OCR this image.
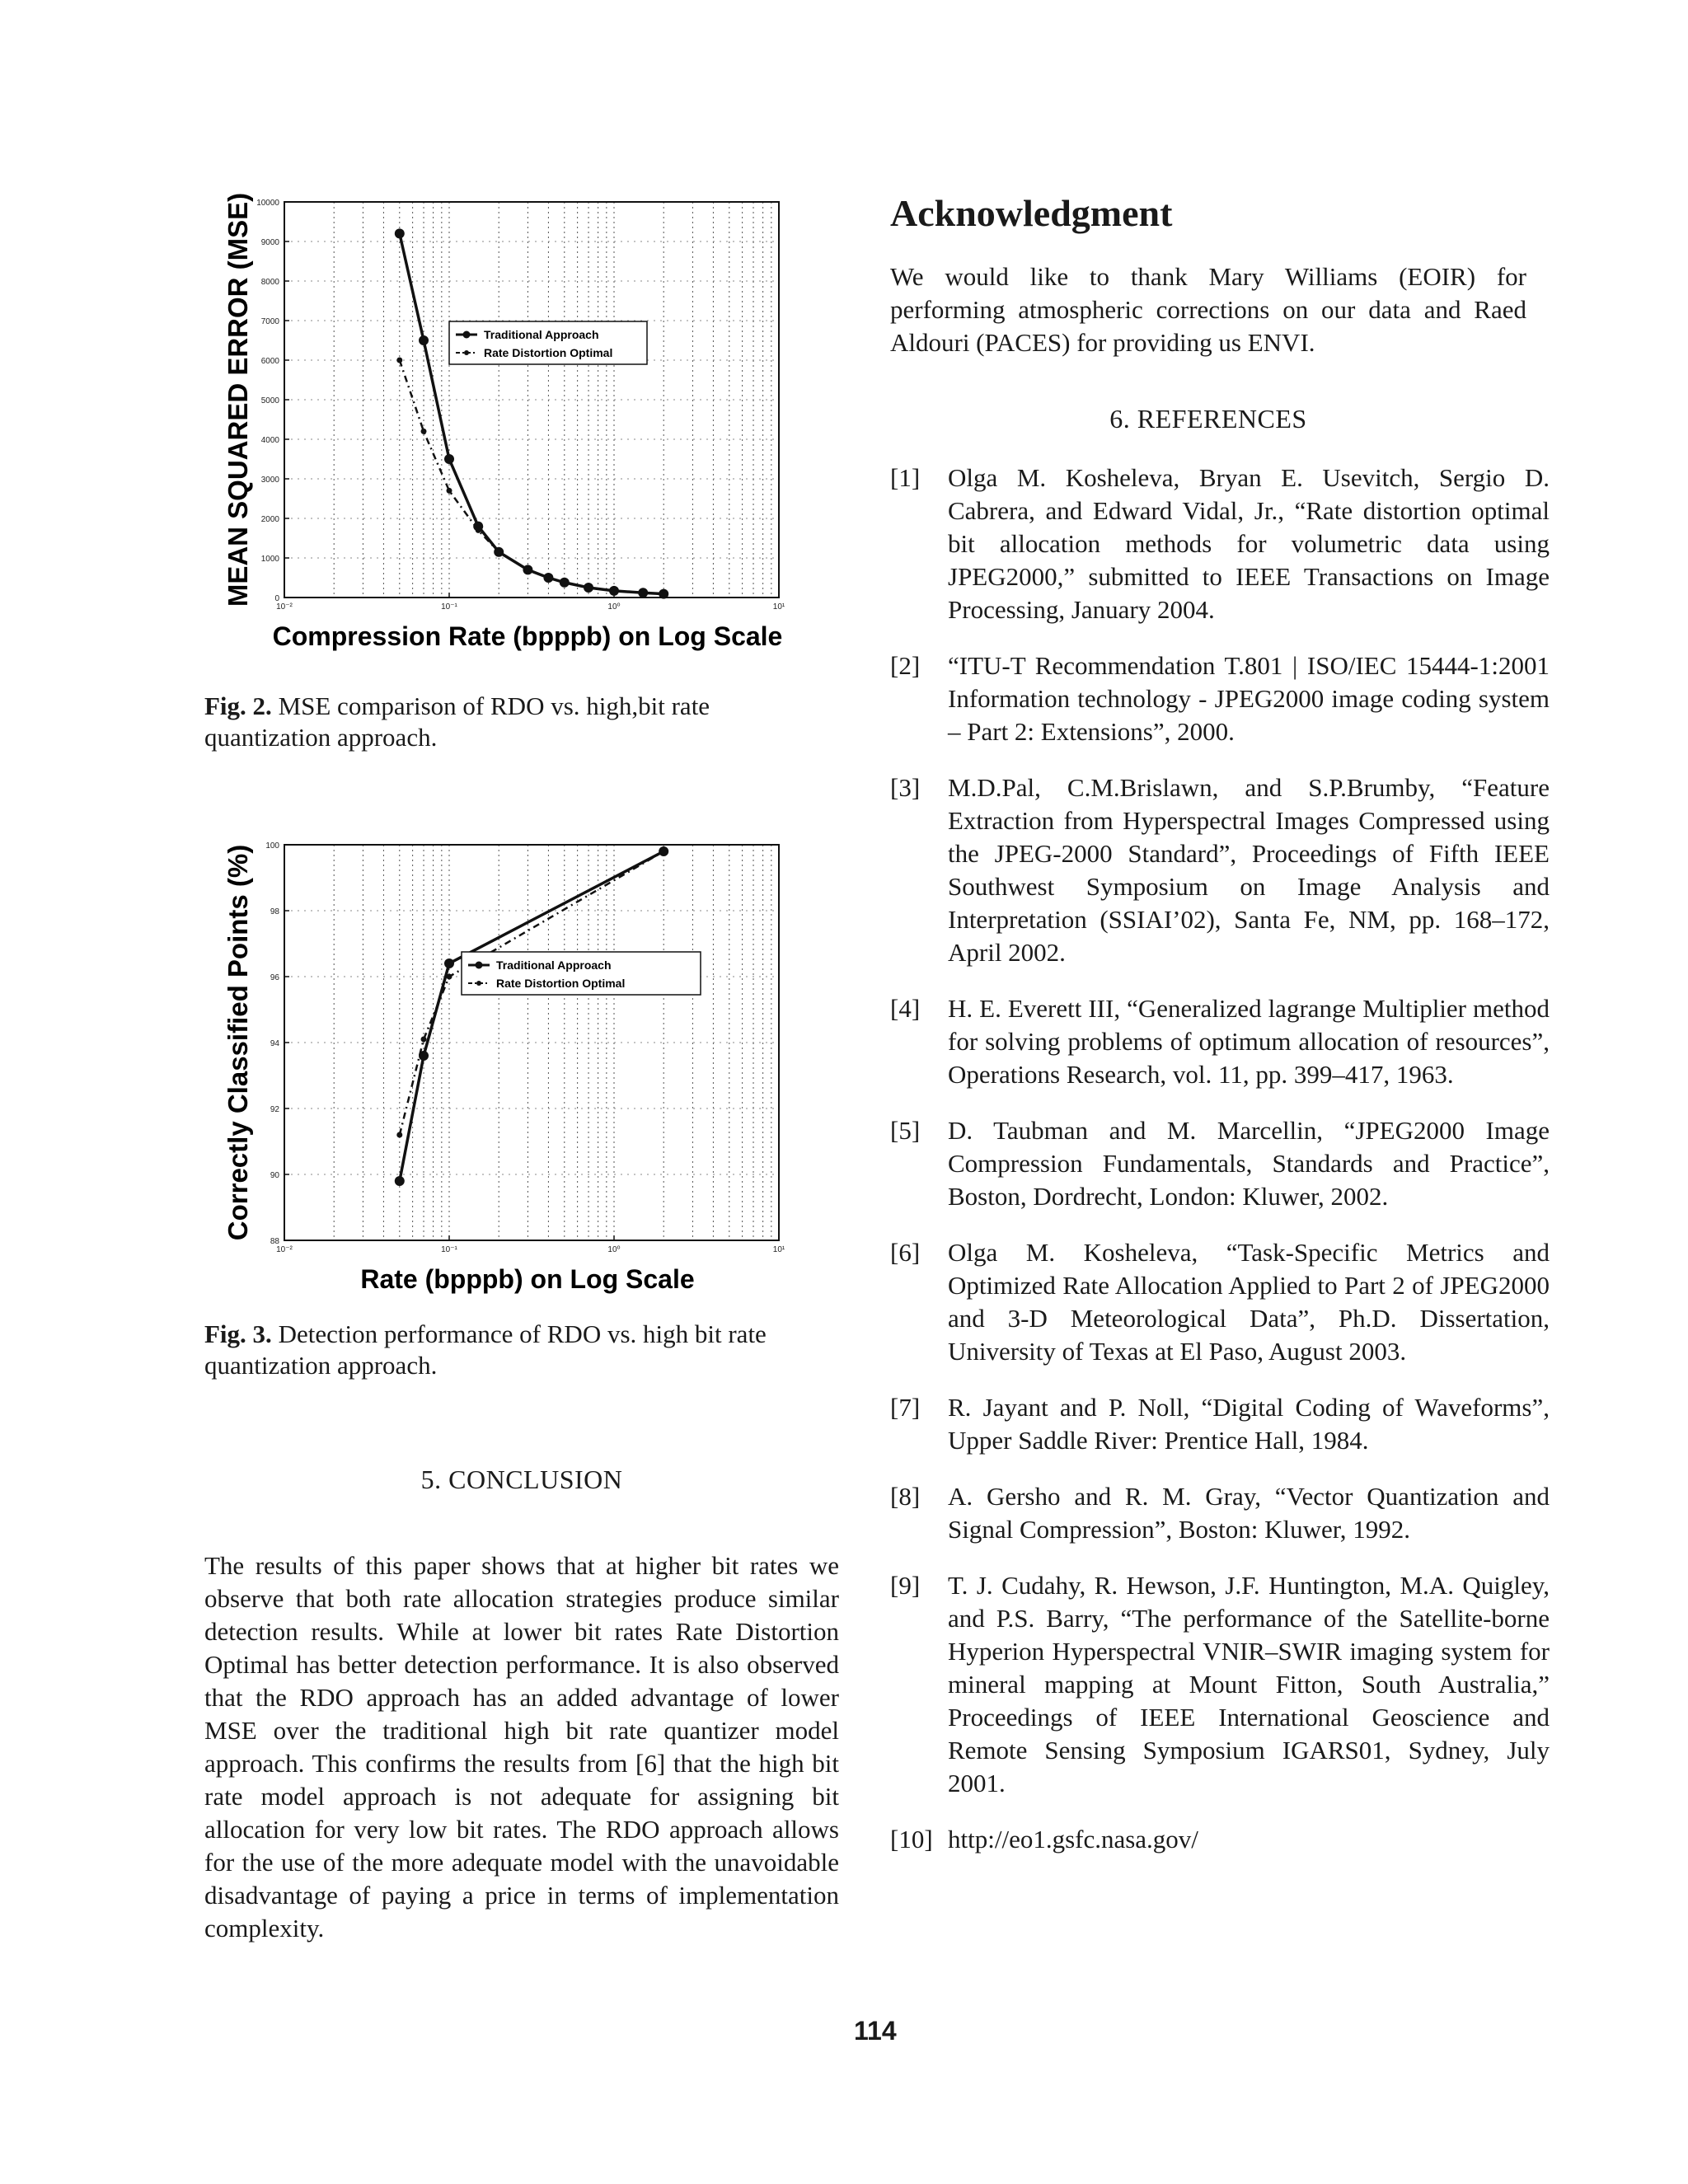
0
1000
2000
3000
4000
5000
6000
7000
8000
9000
10000
10⁻²	10⁻¹	10⁰	10¹
MEAN SQUARED ERROR (MSE)
Compression Rate (bpppb) on Log Scale
Traditional Approach
Rate Distortion Optimal
Fig. 2. MSE comparison of RDO vs. high,bit rate quantization approach.
88
90
92
94
96
98
100
10⁻²	10⁻¹	10⁰	10¹
Correctly Classified Points (%)
Rate (bpppb) on Log Scale
Traditional Approach
Rate Distortion Optimal
Fig. 3. Detection performance of RDO vs. high bit rate quantization approach.
5. CONCLUSION
The results of this paper shows that at higher bit rates we observe that both rate allocation strategies produce similar detection results. While at lower bit rates Rate Distortion Optimal has better detection performance. It is also observed that the RDO approach has an added advantage of lower MSE over the traditional high bit rate quantizer model approach. This confirms the results from [6] that the high bit rate model approach is not adequate for assigning bit allocation for very low bit rates. The RDO approach allows for the use of the more adequate model with the unavoidable disadvantage of paying a price in terms of implementation complexity.
Acknowledgment
We would like to thank Mary Williams (EOIR) for performing atmospheric corrections on our data and Raed Aldouri (PACES) for providing us ENVI.
6. REFERENCES
[1]	Olga M. Kosheleva, Bryan E. Usevitch, Sergio D. Cabrera, and Edward Vidal, Jr., “Rate distortion optimal bit allocation methods for volumetric data using JPEG2000,” submitted to IEEE Transactions on Image Processing, January 2004.
[2]	“ITU-T Recommendation T.801 | ISO/IEC 15444-1:2001 Information technology - JPEG2000 image coding system – Part 2: Extensions”, 2000.
[3]	M.D.Pal, C.M.Brislawn, and S.P.Brumby, “Feature Extraction from Hyperspectral Images Compressed using the JPEG-2000 Standard”, Proceedings of Fifth IEEE Southwest Symposium on Image Analysis and Interpretation (SSIAI’02), Santa Fe, NM, pp. 168–172, April 2002.
[4]	H. E. Everett III, “Generalized lagrange Multiplier method for solving problems of optimum allocation of resources”, Operations Research, vol. 11, pp. 399–417, 1963.
[5]	D. Taubman and M. Marcellin, “JPEG2000 Image Compression Fundamentals, Standards and Practice”, Boston, Dordrecht, London: Kluwer, 2002.
[6]	Olga M. Kosheleva, “Task-Specific Metrics and Optimized Rate Allocation Applied to Part 2 of JPEG2000 and 3-D Meteorological Data”, Ph.D. Dissertation, University of Texas at El Paso, August 2003.
[7]	R. Jayant and P. Noll, “Digital Coding of Waveforms”, Upper Saddle River: Prentice Hall, 1984.
[8]	A. Gersho and R. M. Gray, “Vector Quantization and Signal Compression”, Boston: Kluwer, 1992.
[9]	T. J. Cudahy, R. Hewson, J.F. Huntington, M.A. Quigley, and P.S. Barry, “The performance of the Satellite-borne Hyperion Hyperspectral VNIR–SWIR imaging system for mineral mapping at Mount Fitton, South Australia,” Proceedings of IEEE International Geoscience and Remote Sensing Symposium IGARS01, Sydney, July 2001.
[10] http://eo1.gsfc.nasa.gov/
114
